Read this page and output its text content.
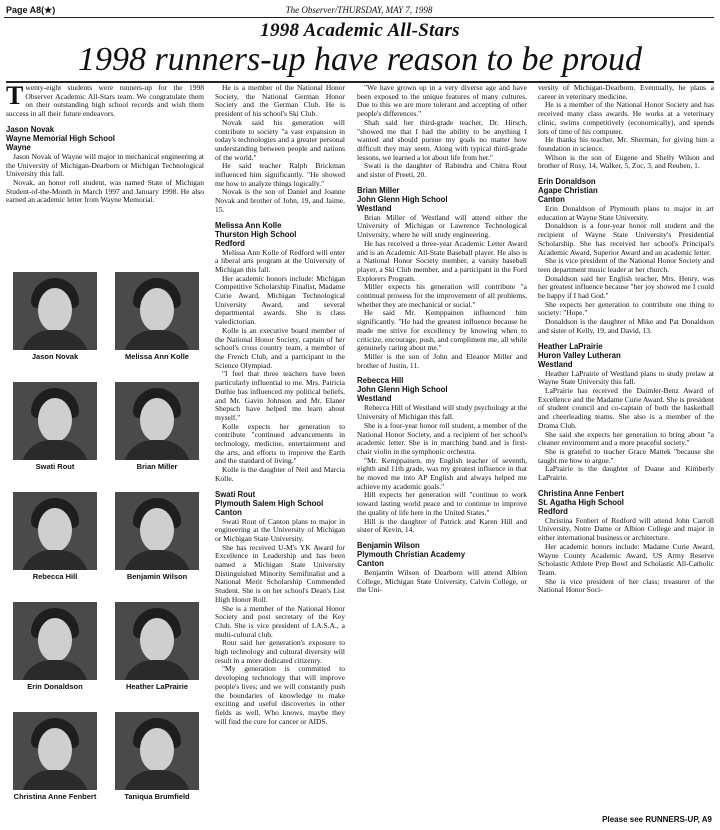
Page A8(★)	The Observer/THURSDAY, MAY 7, 1998
1998 Academic All-Stars
1998 runners-up have reason to be proud

Twenty-eight students were runners-up for the 1998 Observer Academic All-Stars team. We congratulate them on their outstanding high school records and wish them success in all their future endeavors.

Jason Novak
Wayne Memorial High School
Wayne

Jason Novak of Wayne will major in mechanical engineering at the University of Michigan-Dearborn or Michigan Technological University this fall.

Novak, an honor roll student, was named State of Michigan Student-of-the-Month in March 1997 and January 1998. He also earned an academic letter from Wayne Memorial.

Jason Novak	Melissa Ann Kolle
Swati Rout	Brian Miller
Rebecca Hill	Benjamin Wilson
Erin Donaldson	Heather LaPrairie
Christina Anne Fenbert	Taniqua Brumfield

He is a member of the National Honor Society, the National German Honor Society and the German Club. He is president of his school's Ski Club.

Novak said his generation will contribute to society "a vast expansion in today's technologies and a greater personal understanding between people and nations of the world."

He said teacher Ralph Brickman influenced him significantly. "He showed me how to analyze things logically."

Novak is the son of Daniel and Joanne Novak and brother of John, 19, and Jaime, 15.

Melissa Ann Kolle
Thurston High School
Redford

Melissa Ann Kolle of Redford will enter a liberal arts program at the University of Michigan this fall.

Her academic honors include: Michigan Competitive Scholarship Finalist, Madame Curie Award, Michigan Technological University Award, and several departmental awards. She is class valedictorian.

Kolle is an executive board member of the National Honor Society, captain of her school's cross country team, a member of the French Club, and a participant in the Science Olympiad.

"I feel that three teachers have been particularly influential to me. Mrs. Patricia Duthie has influenced my political beliefs, and Mr. Gavin Johnson and Mr. Elaner Shepsch have helped me learn about myself."

Kolle expects her generation to contribute "continued advancements in technology, medicine, entertainment and the arts, and efforts to improve the Earth and the standard of living."

Kolle is the daughter of Neil and Marcia Kolle.

Swati Rout
Plymouth Salem High School
Canton

Swati Rout of Canton plans to major in engineering at the University of Michigan or Michigan State University.

She has received U-M's YK Award for Excellence in Leadership and has been named a Michigan State University Distinguished Minority Semifinalist and a National Merit Scholarship Commended Student. She is on her school's Dean's List High Honor Roll.

She is a member of the National Honor Society and post secretary of the Key Club. She is vice president of I.A.S.A., a multi-cultural club.

Rout said her generation's exposure to high technology and cultural diversity will result in a more dedicated citizenry.

"My generation is committed to developing technology that will improve people's lives; and we will constantly push the boundaries of knowledge to make exciting and useful discoveries in other fields as well. Who knows, maybe they will find the cure for cancer or AIDS.

"We have grown up in a very diverse age and have been exposed to the unique features of many cultures. Due to this we are more tolerant and accepting of other people's differences."

Shah said her third-grade teacher, Dr. Hirsch, "showed me that I had the ability to be anything I wanted and should pursue my goals no matter how difficult they may seem. Along with typical third-grade lessons, we learned a lot about life from her."

Swati is the daughter of Rabindra and Chitra Rout and sister of Preeti, 20.

Brian Miller
John Glenn High School
Westland

Brian Miller of Westland will attend either the University of Michigan or Lawrence Technological University, where he will study engineering.

He has received a three-year Academic Letter Award and is an Academic All-State Baseball player. He also is a National Honor Society member, a varsity baseball player, a Ski Club member, and a participant in the Ford Explorers Program.

Miller expects his generation will contribute "a continual prowess for the improvement of all problems, whether they are mechanical or social."

He said Mr. Kemppainen influenced him significantly. "He had the greatest influence because he made me strive for excellency by knowing when to criticize, encourage, push, and compliment me, all while genuinely caring about me."

Miller is the son of John and Eleanor Miller and brother of Justin, 11.

Rebecca Hill
John Glenn High School
Westland

Rebecca Hill of Westland will study psychology at the University of Michigan this fall.

She is a four-year honor roll student, a member of the National Honor Society, and a recipient of her school's academic letter. She is in marching band and is first-chair violin in the symphonic orchestra.

"Mr. Kemppainen, my English teacher of seventh, eighth and 11th grade, was my greatest influence in that he moved me into AP English and always helped me achieve my academic goals."

Hill expects her generation will "continue to work toward lasting world peace and to continue to improve the quality of life here in the United States."

Hill is the daughter of Patrick and Karen Hill and sister of Kevin, 14.

Benjamin Wilson
Plymouth Christian Academy
Canton

Benjamin Wilson of Dearborn will attend Albion College, Michigan State University, Calvin College, or the Uni-

versity of Michigan-Dearborn. Eventually, he plans a career in veterinary medicine.

He is a member of the National Honor Society and has received many class awards. He works at a veterinary clinic, swims competitively (economically), and spends lots of time of his computer.

He thanks his teacher, Mr. Sherman, for giving him a foundation in science.

Wilson is the son of Eugene and Shelly Wilson and brother of Rosy, 14, Walker, 5, Zoc, 3, and Reuben, 1.

Erin Donaldson
Agape Christian
Canton

Erin Donaldson of Plymouth plans to major in art education at Wayne State University.

Donaldson is a four-year honor roll student and the recipient of Wayne State University's Presidential Scholarship. She has received her school's Principal's Academic Award, Superior Award and an academic letter.

She is vice president of the National Honor Society and teen department music leader at her church.

Donaldson said her English teacher, Mrs. Henry, was her greatest influence because "her joy showed me I could be happy if I had God."

She expects her generation to contribute one thing to society: "Hope."

Donaldson is the daughter of Mike and Pat Donaldson and sister of Kelly, 19, and David, 13.

Heather LaPrairie
Huron Valley Lutheran
Westland

Heather LaPrairie of Westland plans to study prelaw at Wayne State University this fall.

LaPrairie has received the Daimler-Benz Award of Excellence and the Madame Curie Award. She is president of student council and co-captain of both the basketball and cheerleading teams. She also is a member of the Drama Club.

She said she expects her generation to bring about "a cleaner environment and a more peaceful society."

She is grateful to teacher Grace Mattek "because she taught me how to argue."

LaPrairie is the daughter of Duane and Kimberly LaPrairie.

Christina Anne Fenbert
St. Agatha High School
Redford

Christina Fenbert of Redford will attend John Carroll University, Notre Dame or Albion College and major in either international business or architecture.

Her academic honors include: Madame Curie Award, Wayne County Academic Award, US Army Reserve Scholastic Athlete Prep Bowl and Scholastic All-Catholic Team.

She is vice president of her class; treasurer of the National Honor Soci-

Please see RUNNERS-UP, A9
